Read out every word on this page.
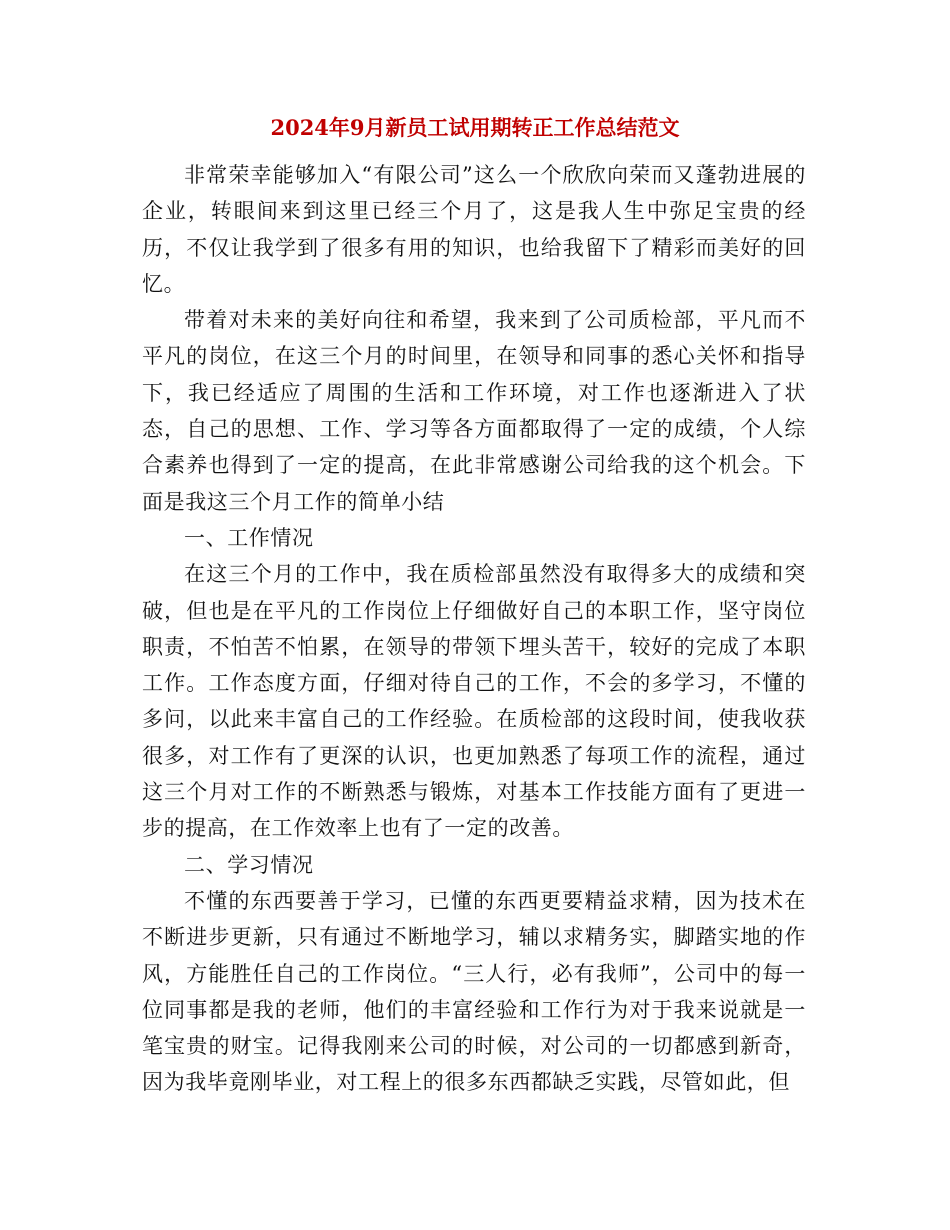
2024年9月新员工试用期转正工作总结范文

非常荣幸能够加入“有限公司”这么一个欣欣向荣而又蓬勃进展的企业，转眼间来到这里已经三个月了，这是我人生中弥足宝贵的经历，不仅让我学到了很多有用的知识，也给我留下了精彩而美好的回忆。

带着对未来的美好向往和希望，我来到了公司质检部，平凡而不平凡的岗位，在这三个月的时间里，在领导和同事的悉心关怀和指导下，我已经适应了周围的生活和工作环境，对工作也逐渐进入了状态，自己的思想、工作、学习等各方面都取得了一定的成绩，个人综合素养也得到了一定的提高，在此非常感谢公司给我的这个机会。下面是我这三个月工作的简单小结

一、工作情况

在这三个月的工作中，我在质检部虽然没有取得多大的成绩和突破，但也是在平凡的工作岗位上仔细做好自己的本职工作，坚守岗位职责，不怕苦不怕累，在领导的带领下埋头苦干，较好的完成了本职工作。工作态度方面，仔细对待自己的工作，不会的多学习，不懂的多问，以此来丰富自己的工作经验。在质检部的这段时间，使我收获很多，对工作有了更深的认识，也更加熟悉了每项工作的流程，通过这三个月对工作的不断熟悉与锻炼，对基本工作技能方面有了更进一步的提高，在工作效率上也有了一定的改善。

二、学习情况

不懂的东西要善于学习，已懂的东西更要精益求精，因为技术在不断进步更新，只有通过不断地学习，辅以求精务实，脚踏实地的作风，方能胜任自己的工作岗位。“三人行，必有我师”，公司中的每一位同事都是我的老师，他们的丰富经验和工作行为对于我来说就是一笔宝贵的财宝。记得我刚来公司的时候，对公司的一切都感到新奇，因为我毕竟刚毕业，对工程上的很多东西都缺乏实践，尽管如此，但
